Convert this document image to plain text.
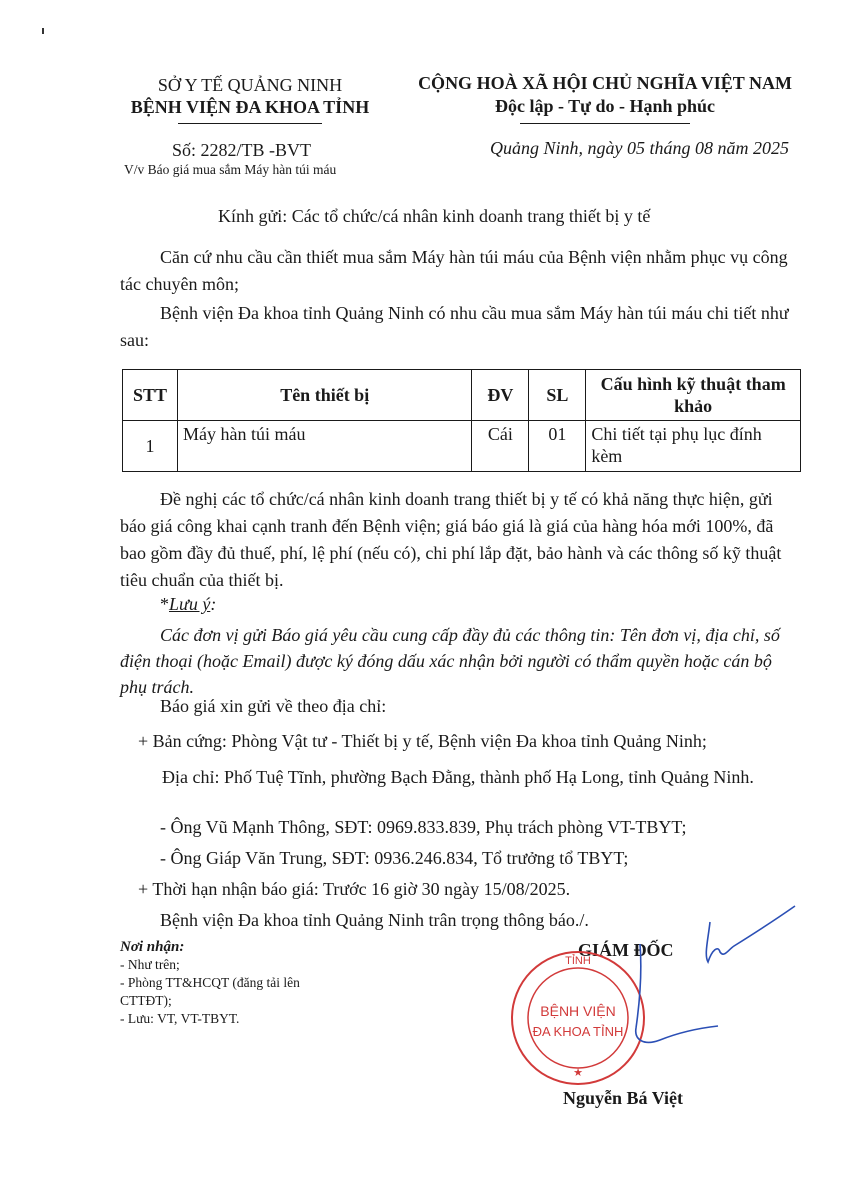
SỞ Y TẾ QUẢNG NINH
BỆNH VIỆN ĐA KHOA TỈNH
Số: 2282/TB -BVT
V/v Báo giá mua sắm Máy hàn túi máu
CỘNG HOÀ XÃ HỘI CHỦ NGHĨA VIỆT NAM
Độc lập - Tự do - Hạnh phúc
Quảng Ninh, ngày 05 tháng 08 năm 2025
Kính gửi: Các tổ chức/cá nhân kinh doanh trang thiết bị y tế
Căn cứ nhu cầu cần thiết mua sắm Máy hàn túi máu của Bệnh viện nhằm phục vụ công tác chuyên môn;
Bệnh viện Đa khoa tỉnh Quảng Ninh có nhu cầu mua sắm Máy hàn túi máu chi tiết như sau:
STT	Tên thiết bị	ĐV	SL	Cấu hình kỹ thuật tham khảo
1	Máy hàn túi máu	Cái	01	Chi tiết tại phụ lục đính kèm
Đề nghị các tổ chức/cá nhân kinh doanh trang thiết bị y tế có khả năng thực hiện, gửi báo giá công khai cạnh tranh đến Bệnh viện; giá báo giá là giá của hàng hóa mới 100%, đã bao gồm đầy đủ thuế, phí, lệ phí (nếu có), chi phí lắp đặt, bảo hành và các thông số kỹ thuật tiêu chuẩn của thiết bị.
*Lưu ý:
Các đơn vị gửi Báo giá yêu cầu cung cấp đầy đủ các thông tin: Tên đơn vị, địa chỉ, số điện thoại (hoặc Email) được ký đóng dấu xác nhận bởi người có thẩm quyền hoặc cán bộ phụ trách.
Báo giá xin gửi về theo địa chỉ:
+ Bản cứng: Phòng Vật tư - Thiết bị y tế, Bệnh viện Đa khoa tỉnh Quảng Ninh;
Địa chỉ: Phố Tuệ Tĩnh, phường Bạch Đằng, thành phố Hạ Long, tỉnh Quảng Ninh.
- Ông Vũ Mạnh Thông, SĐT: 0969.833.839, Phụ trách phòng VT-TBYT;
- Ông Giáp Văn Trung, SĐT: 0936.246.834, Tổ trưởng tổ TBYT;
+ Thời hạn nhận báo giá: Trước 16 giờ 30 ngày 15/08/2025.
Bệnh viện Đa khoa tỉnh Quảng Ninh trân trọng thông báo./.
Nơi nhận:
- Như trên;
- Phòng TT&HCQT (đăng tải lên CTTĐT);
- Lưu: VT, VT-TBYT.
GIÁM ĐỐC
TỈNH
BỆNH VIỆN
ĐA KHOA TỈNH
★
Nguyễn Bá Việt
